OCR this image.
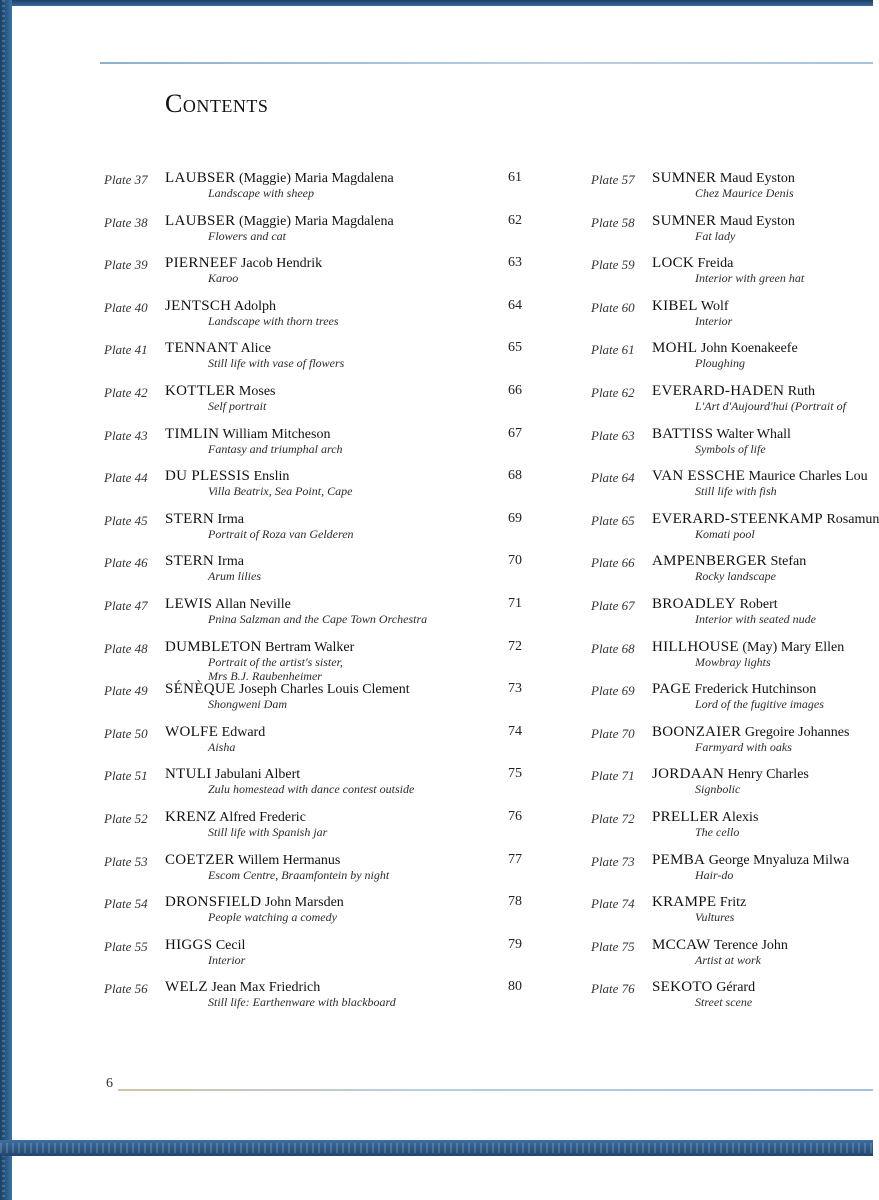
Contents
Plate 37 LAUBSER (Maggie) Maria Magdalena
Landscape with sheep
61
Plate 38 LAUBSER (Maggie) Maria Magdalena
Flowers and cat
62
Plate 39 PIERNEEF Jacob Hendrik
Karoo
63
Plate 40 JENTSCH Adolph
Landscape with thorn trees
64
Plate 41 TENNANT Alice
Still life with vase of flowers
65
Plate 42 KOTTLER Moses
Self portrait
66
Plate 43 TIMLIN William Mitcheson
Fantasy and triumphal arch
67
Plate 44 DU PLESSIS Enslin
Villa Beatrix, Sea Point, Cape
68
Plate 45 STERN Irma
Portrait of Roza van Gelderen
69
Plate 46 STERN Irma
Arum lilies
70
Plate 47 LEWIS Allan Neville
Pnina Salzman and the Cape Town Orchestra
71
Plate 48 DUMBLETON Bertram Walker
Portrait of the artist's sister,
Mrs B.J. Raubenheimer
72
Plate 49 SÉNÈQUE Joseph Charles Louis Clement
Shongweni Dam
73
Plate 50 WOLFE Edward
Aisha
74
Plate 51 NTULI Jabulani Albert
Zulu homestead with dance contest outside
75
Plate 52 KRENZ Alfred Frederic
Still life with Spanish jar
76
Plate 53 COETZER Willem Hermanus
Escom Centre, Braamfontein by night
77
Plate 54 DRONSFIELD John Marsden
People watching a comedy
78
Plate 55 HIGGS Cecil
Interior
79
Plate 56 WELZ Jean Max Friedrich
Still life: Earthenware with blackboard
80
Plate 57 SUMNER Maud Eyston
Chez Maurice Denis
Plate 58 SUMNER Maud Eyston
Fat lady
Plate 59 LOCK Freida
Interior with green hat
Plate 60 KIBEL Wolf
Interior
Plate 61 MOHL John Koenakeefe
Ploughing
Plate 62 EVERARD-HADEN Ruth
L'Art d'Aujourd'hui (Portrait of
Plate 63 BATTISS Walter Whall
Symbols of life
Plate 64 VAN ESSCHE Maurice Charles Lou
Still life with fish
Plate 65 EVERARD-STEENKAMP Rosamun
Komati pool
Plate 66 AMPENBERGER Stefan
Rocky landscape
Plate 67 BROADLEY Robert
Interior with seated nude
Plate 68 HILLHOUSE (May) Mary Ellen
Mowbray lights
Plate 69 PAGE Frederick Hutchinson
Lord of the fugitive images
Plate 70 BOONZAIER Gregoire Johannes
Farmyard with oaks
Plate 71 JORDAAN Henry Charles
Signbolic
Plate 72 PRELLER Alexis
The cello
Plate 73 PEMBA George Mnyaluza Milwa
Hair-do
Plate 74 KRAMPE Fritz
Vultures
Plate 75 MCCAW Terence John
Artist at work
Plate 76 SEKOTO Gérard
Street scene
6
